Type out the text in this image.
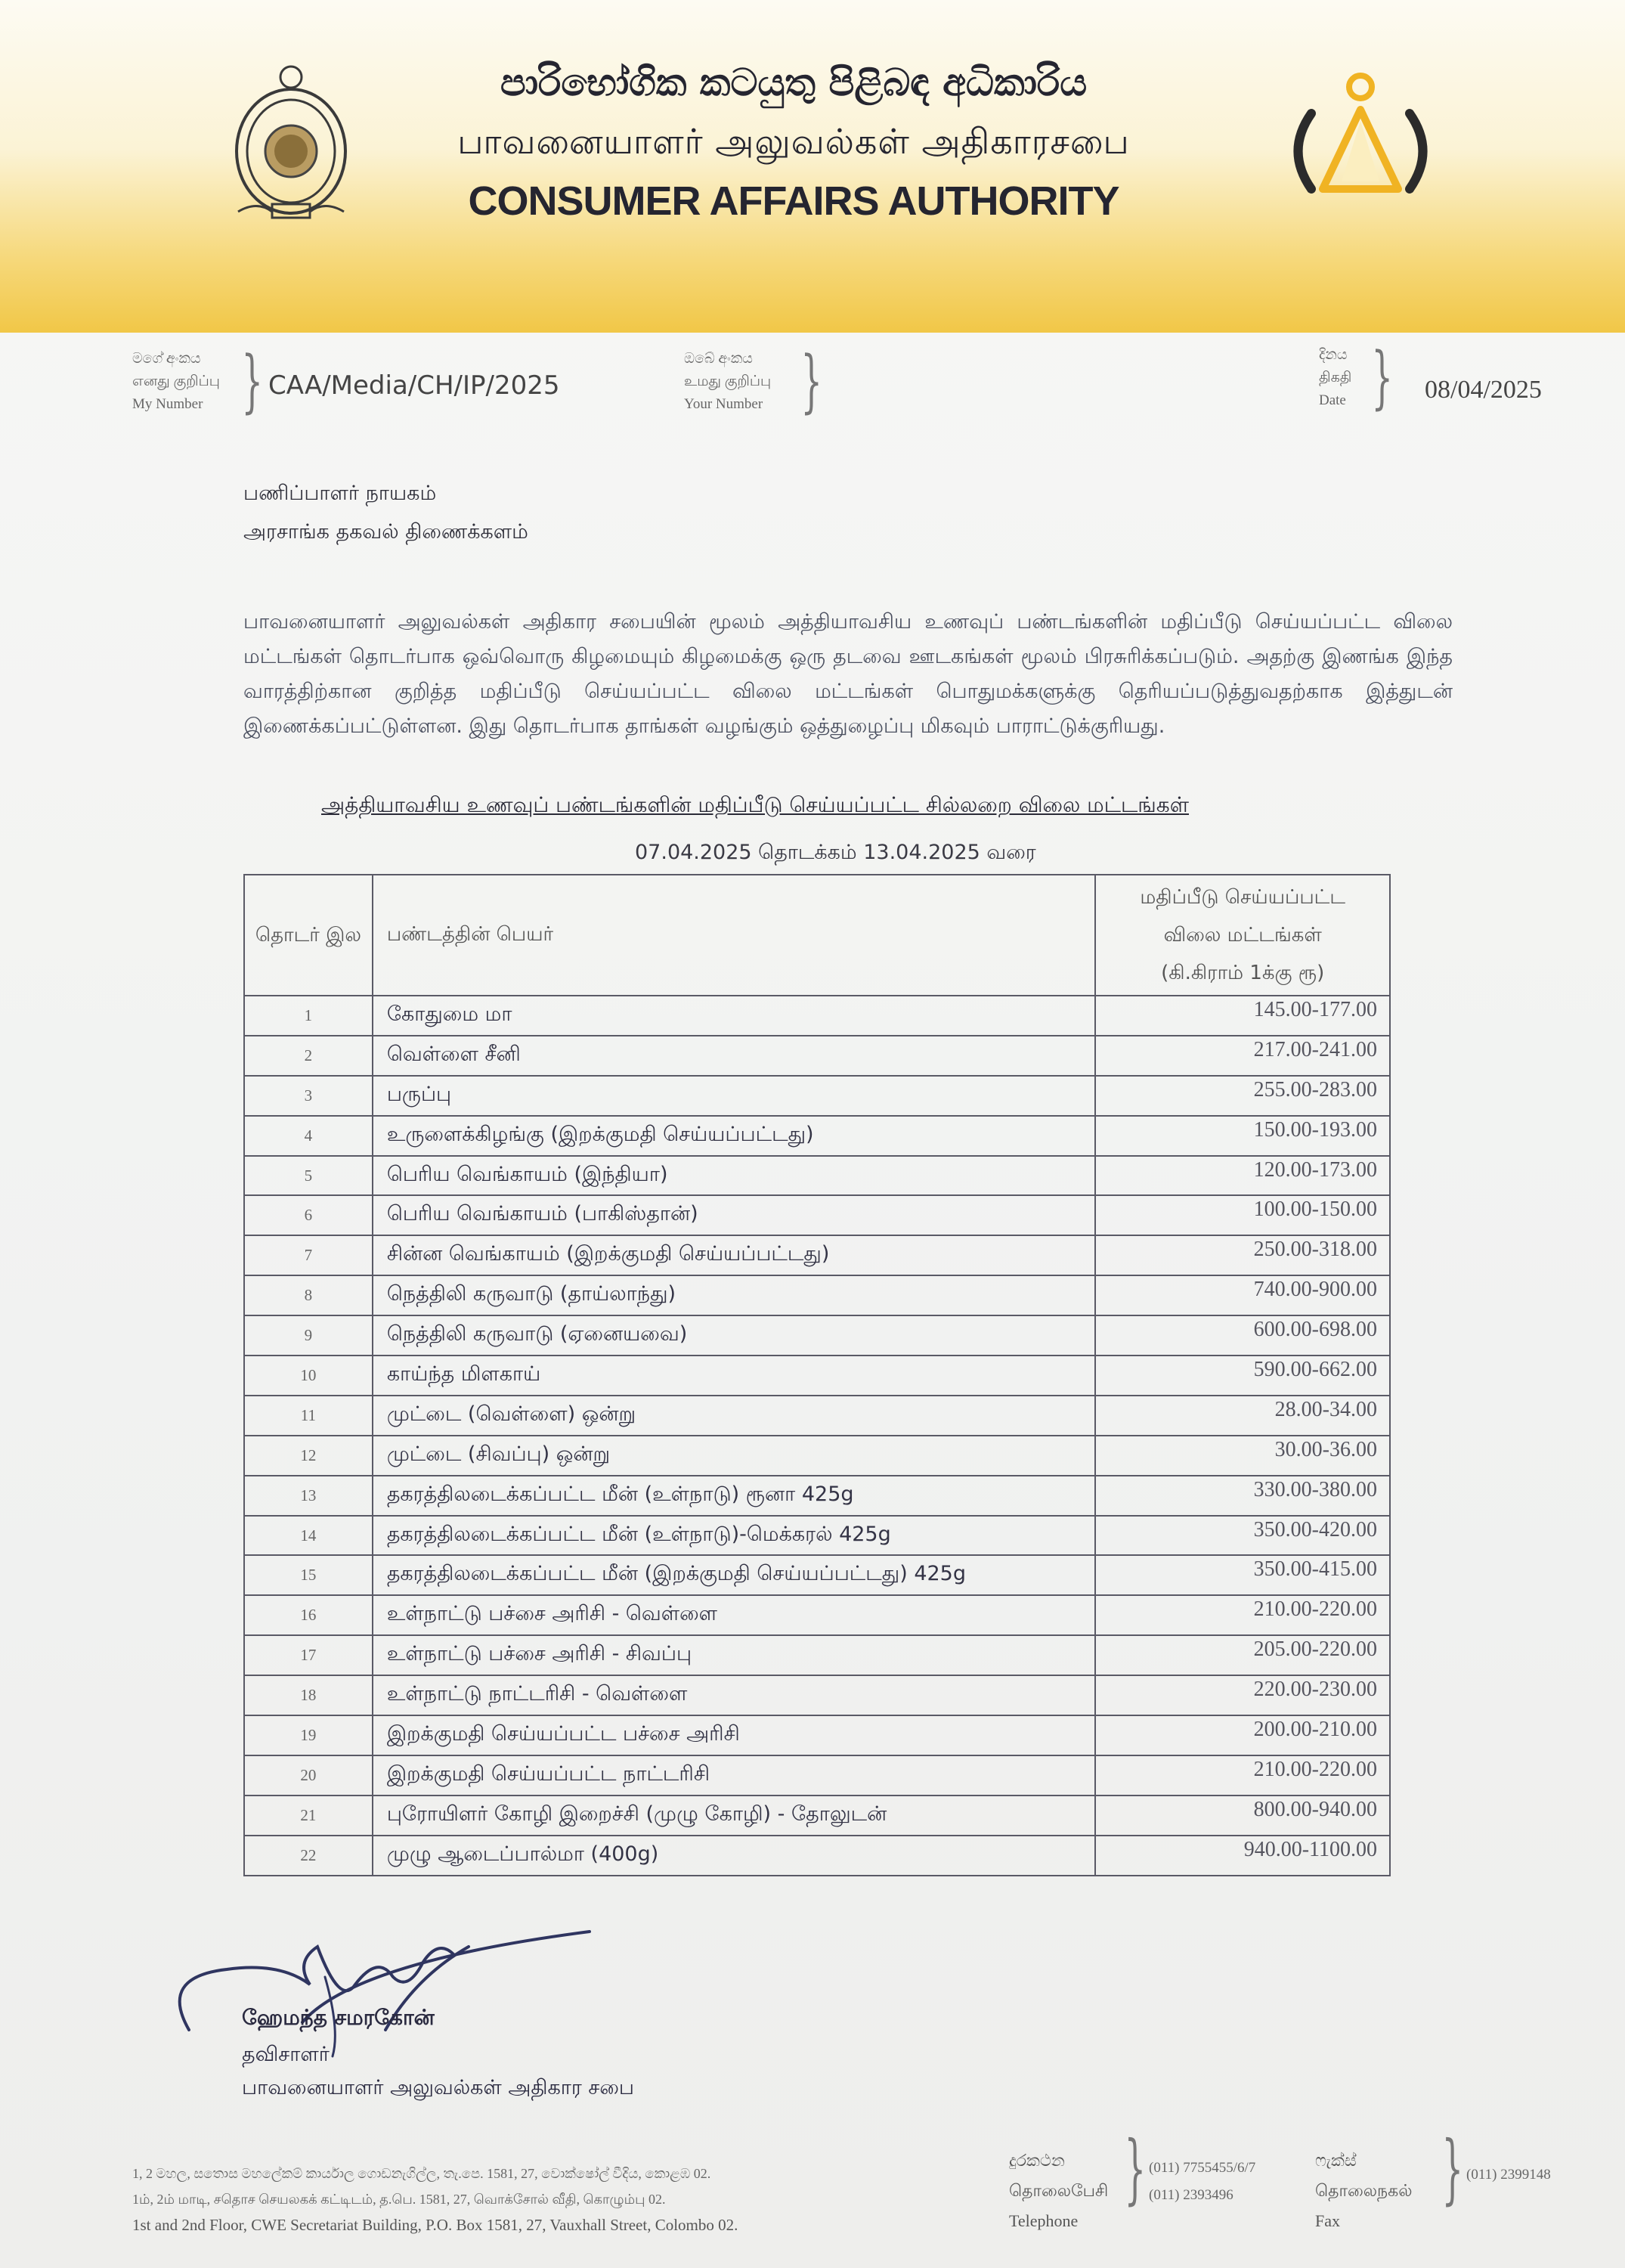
පාරිභෝගික කටයුතු පිළිබඳ අධිකාරිය
பாவனையாளர் அலுவல்கள் அதிகாரசபை
CONSUMER AFFAIRS AUTHORITY
මගේ අංකය
எனது குறிப்பு
My Number } CAA/Media/CH/IP/2025
ඔබේ අංකය
உமது குறிப்பு
Your Number }	දිනය
திகதி
Date } 08/04/2025
பணிப்பாளர் நாயகம்
அரசாங்க தகவல் திணைக்களம்
பாவனையாளர் அலுவல்கள் அதிகார சபையின் மூலம் அத்தியாவசிய உணவுப் பண்டங்களின் மதிப்பீடு செய்யப்பட்ட விலை மட்டங்கள் தொடர்பாக ஒவ்வொரு கிழமையும் கிழமைக்கு ஒரு தடவை ஊடகங்கள் மூலம் பிரசுரிக்கப்படும். அதற்கு இணங்க இந்த வாரத்திற்கான குறித்த மதிப்பீடு செய்யப்பட்ட விலை மட்டங்கள் பொதுமக்களுக்கு தெரியப்படுத்துவதற்காக இத்துடன் இணைக்கப்பட்டுள்ளன. இது தொடர்பாக தாங்கள் வழங்கும் ஒத்துழைப்பு மிகவும் பாராட்டுக்குரியது.
அத்தியாவசிய உணவுப் பண்டங்களின் மதிப்பீடு செய்யப்பட்ட சில்லறை விலை மட்டங்கள்
07.04.2025 தொடக்கம் 13.04.2025 வரை
தொடர் இல	பண்டத்தின் பெயர்	மதிப்பீடு செய்யப்பட்ட
விலை மட்டங்கள்
(கி.கிராம் 1க்கு ரூ)

1	கோதுமை மா	145.00-177.00
2	வெள்ளை சீனி	217.00-241.00
3	பருப்பு	255.00-283.00
4	உருளைக்கிழங்கு (இறக்குமதி செய்யப்பட்டது)	150.00-193.00
5	பெரிய வெங்காயம் (இந்தியா)	120.00-173.00
6	பெரிய வெங்காயம் (பாகிஸ்தான்)	100.00-150.00
7	சின்ன வெங்காயம் (இறக்குமதி செய்யப்பட்டது)	250.00-318.00
8	நெத்திலி கருவாடு (தாய்லாந்து)	740.00-900.00
9	நெத்திலி கருவாடு (ஏனையவை)	600.00-698.00
10	காய்ந்த மிளகாய்	590.00-662.00
11	முட்டை (வெள்ளை) ஒன்று	28.00-34.00
12	முட்டை (சிவப்பு) ஒன்று	30.00-36.00
13	தகரத்திலடைக்கப்பட்ட மீன் (உள்நாடு) ரூனா 425g	330.00-380.00
14	தகரத்திலடைக்கப்பட்ட மீன் (உள்நாடு)-மெக்கரல் 425g	350.00-420.00
15	தகரத்திலடைக்கப்பட்ட மீன் (இறக்குமதி செய்யப்பட்டது) 425g	350.00-415.00
16	உள்நாட்டு பச்சை அரிசி - வெள்ளை	210.00-220.00
17	உள்நாட்டு பச்சை அரிசி - சிவப்பு	205.00-220.00
18	உள்நாட்டு நாட்டரிசி - வெள்ளை	220.00-230.00
19	இறக்குமதி செய்யப்பட்ட பச்சை அரிசி	200.00-210.00
20	இறக்குமதி செய்யப்பட்ட நாட்டரிசி	210.00-220.00
21	புரோயிளர் கோழி இறைச்சி (முழு கோழி) - தோலுடன்	800.00-940.00
22	முழு ஆடைப்பால்மா (400g)	940.00-1100.00
ஹேமந்த சமரகோன்
தவிசாளர்
பாவனையாளர் அலுவல்கள் அதிகார சபை
1, 2 මහල, සතොස මහලේකම් කාර්යාල ගොඩනැගිල්ල, තැ.පෙ. 1581, 27, වොක්ෂෝල් වීදිය, කොළඹ 02.
1ம், 2ம் மாடி, சதொச செயலகக் கட்டிடம், த.பெ. 1581, 27, வொக்சோல் வீதி, கொழும்பு 02.
1st and 2nd Floor, CWE Secretariat Building, P.O. Box 1581, 27, Vauxhall Street, Colombo 02.
දුරකථන
தொலைபேசி
Telephone
} (011) 7755455/6/7
(011) 2393496
ෆැක්ස්
தொலைநகல்
Fax
} (011) 2399148
